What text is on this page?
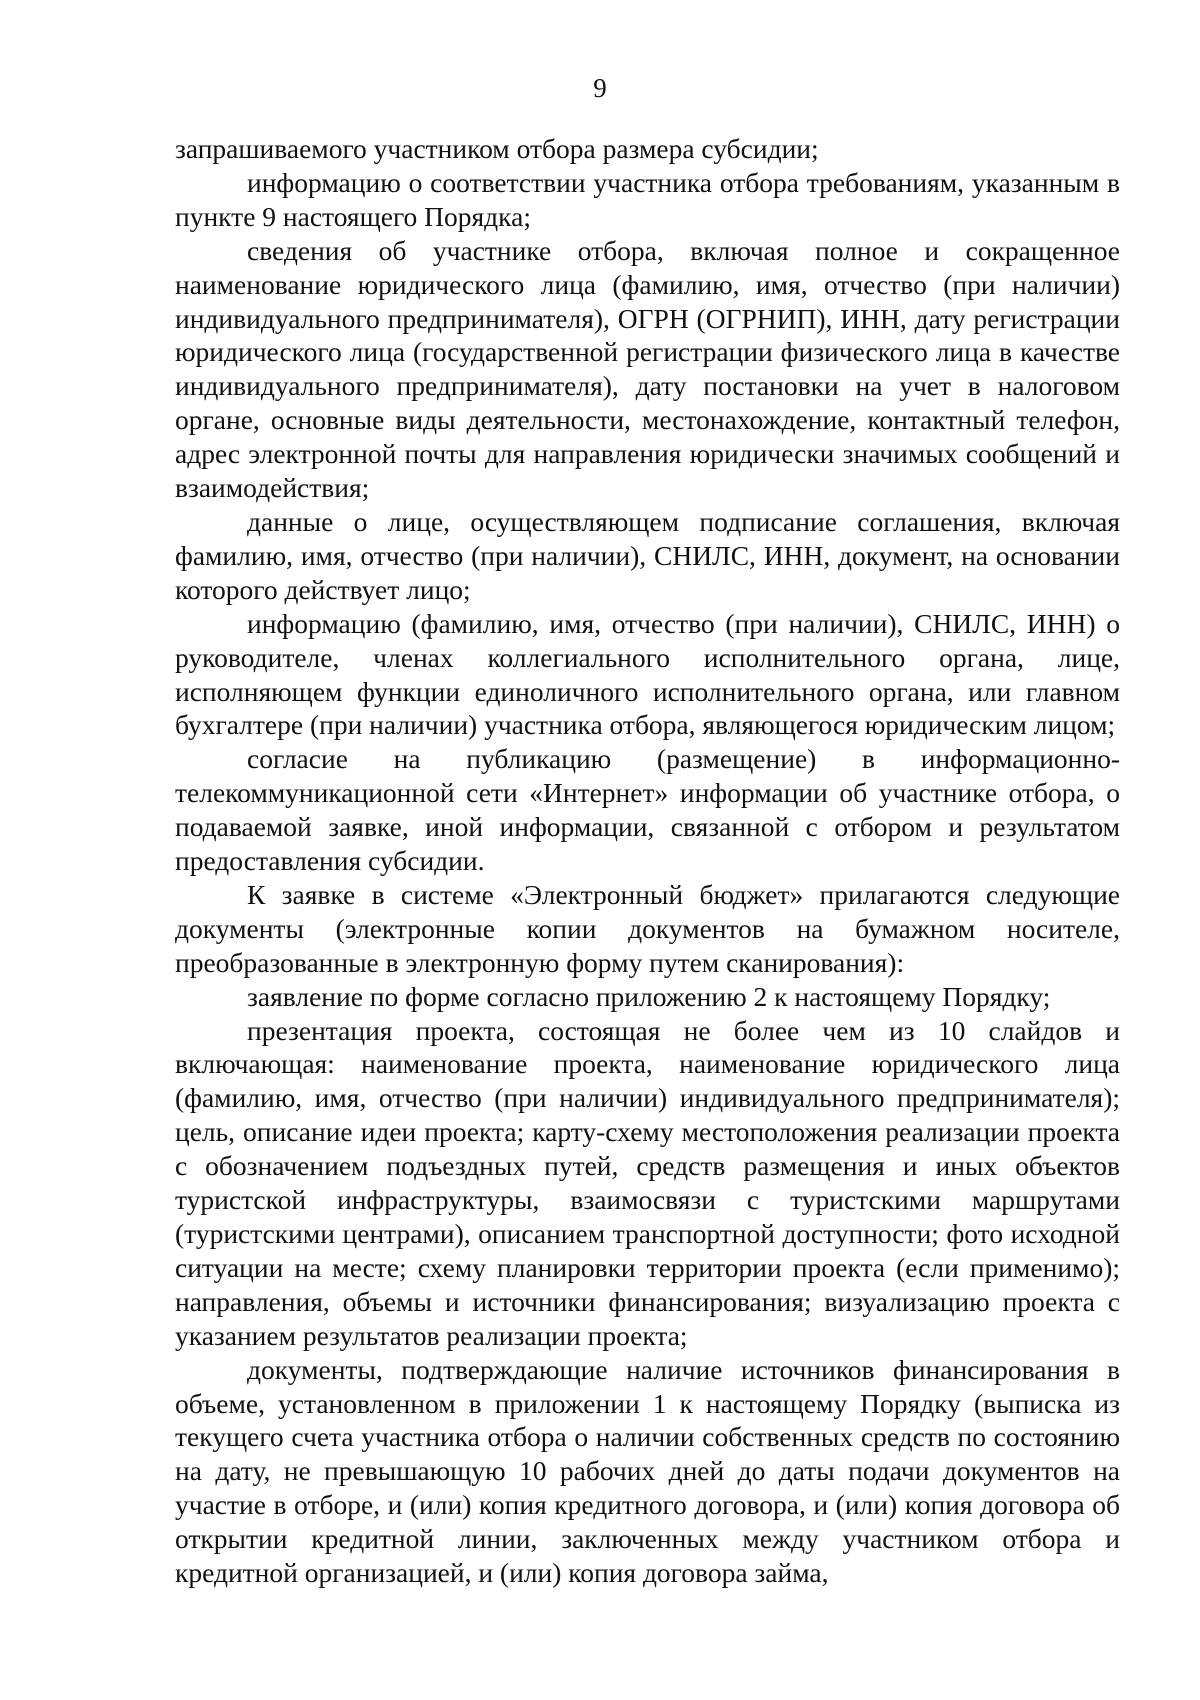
9

запрашиваемого участником отбора размера субсидии;

информацию о соответствии участника отбора требованиям, указанным в пункте 9 настоящего Порядка;

сведения об участнике отбора, включая полное и сокращенное наименование юридического лица (фамилию, имя, отчество (при наличии) индивидуального предпринимателя), ОГРН (ОГРНИП), ИНН, дату регистрации юридического лица (государственной регистрации физического лица в качестве индивидуального предпринимателя), дату постановки на учет в налоговом органе, основные виды деятельности, местонахождение, контактный телефон, адрес электронной почты для направления юридически значимых сообщений и взаимодействия;

данные о лице, осуществляющем подписание соглашения, включая фамилию, имя, отчество (при наличии), СНИЛС, ИНН, документ, на основании которого действует лицо;

информацию (фамилию, имя, отчество (при наличии), СНИЛС, ИНН) о руководителе, членах коллегиального исполнительного органа, лице, исполняющем функции единоличного исполнительного органа, или главном бухгалтере (при наличии) участника отбора, являющегося юридическим лицом;

согласие на публикацию (размещение) в информационно-телекоммуникационной сети «Интернет» информации об участнике отбора, о подаваемой заявке, иной информации, связанной с отбором и результатом предоставления субсидии.

К заявке в системе «Электронный бюджет» прилагаются следующие документы (электронные копии документов на бумажном носителе, преобразованные в электронную форму путем сканирования):

заявление по форме согласно приложению 2 к настоящему Порядку;

презентация проекта, состоящая не более чем из 10 слайдов и включающая: наименование проекта, наименование юридического лица (фамилию, имя, отчество (при наличии) индивидуального предпринимателя); цель, описание идеи проекта; карту-схему местоположения реализации проекта с обозначением подъездных путей, средств размещения и иных объектов туристской инфраструктуры, взаимосвязи с туристскими маршрутами (туристскими центрами), описанием транспортной доступности; фото исходной ситуации на месте; схему планировки территории проекта (если применимо); направления, объемы и источники финансирования; визуализацию проекта с указанием результатов реализации проекта;

документы, подтверждающие наличие источников финансирования в объеме, установленном в приложении 1 к настоящему Порядку (выписка из текущего счета участника отбора о наличии собственных средств по состоянию на дату, не превышающую 10 рабочих дней до даты подачи документов на участие в отборе, и (или) копия кредитного договора, и (или) копия договора об открытии кредитной линии, заключенных между участником отбора и кредитной организацией, и (или) копия договора займа,
